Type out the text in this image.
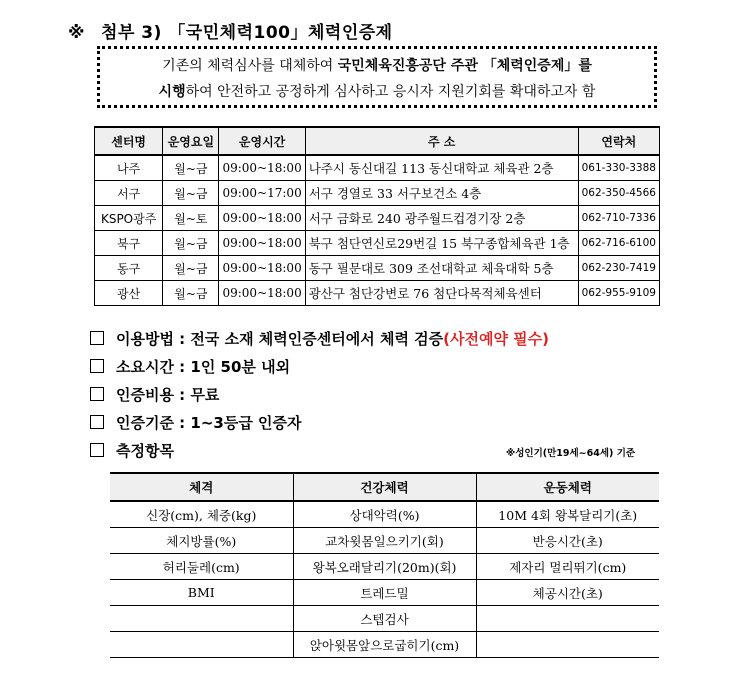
※ 첨부 3) 「국민체력100」체력인증제
기존의 체력심사를 대체하여 국민체육진흥공단 주관 「체력인증제」를
시행하여 안전하고 공정하게 심사하고 응시자 지원기회를 확대하고자 함
센터명	운영요일	운영시간	주 소	연락처
나주	월~금	09:00~18:00	나주시 동신대길 113 동신대학교 체육관 2층	061-330-3388
서구	월~금	09:00~17:00	서구 경열로 33 서구보건소 4층	062-350-4566
KSPO광주	월~토	09:00~18:00	서구 금화로 240 광주월드컵경기장 2층	062-710-7336
북구	월~금	09:00~18:00	북구 첨단연신로29번길 15 북구종합체육관 1층	062-716-6100
동구	월~금	09:00~18:00	동구 필문대로 309 조선대학교 체육대학 5층	062-230-7419
광산	월~금	09:00~18:00	광산구 첨단강변로 76 첨단다목적체육센터	062-955-9109
이용방법 : 전국 소재 체력인증센터에서 체력 검증(사전예약 필수)
소요시간 : 1인 50분 내외
인증비용 : 무료
인증기준 : 1~3등급 인증자
측정항목	※성인기(만19세~64세) 기준
체격	건강체력	운동체력
신장(cm), 체중(kg)	상대악력(%)	10M 4회 왕복달리기(초)
체지방률(%)	교차윗몸일으키기(회)	반응시간(초)
허리둘레(cm)	왕복오래달리기(20m)(회)	제자리 멀리뛰기(cm)
BMI	트레드밀	체공시간(초)
	스텝검사	
	앉아윗몸앞으로굽히기(cm)	
